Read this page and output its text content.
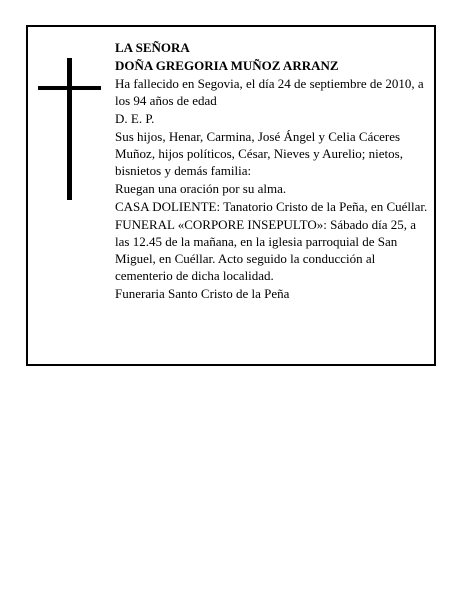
LA SEÑORA

DOÑA GREGORIA MUÑOZ ARRANZ

Ha fallecido en Segovia, el día 24 de septiembre de 2010, a los 94 años de edad

D. E. P.

Sus hijos, Henar, Carmina, José Ángel y Celia Cáceres Muñoz, hijos políticos, César, Nieves y Aurelio; nietos, bisnietos y demás familia:

Ruegan una oración por su alma.

CASA DOLIENTE: Tanatorio Cristo de la Peña, en Cuéllar.

FUNERAL «CORPORE INSEPULTO»: Sábado día 25, a las 12.45 de la mañana, en la iglesia parroquial de San Miguel, en Cuéllar. Acto seguido la conducción al cementerio de dicha localidad.

Funeraria Santo Cristo de la Peña
